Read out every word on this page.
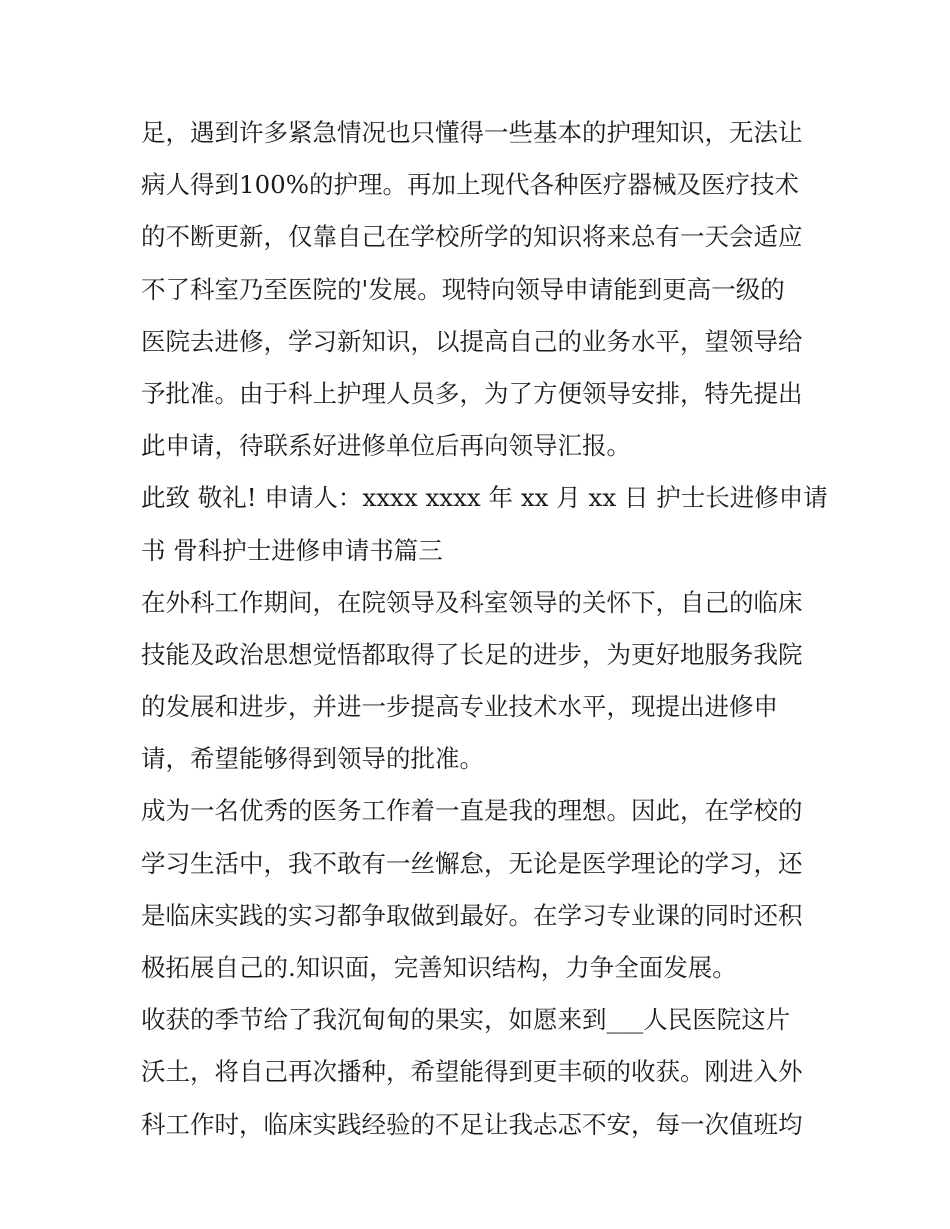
足，遇到许多紧急情况也只懂得一些基本的护理知识，无法让
病人得到100%的护理。再加上现代各种医疗器械及医疗技术
的不断更新，仅靠自己在学校所学的知识将来总有一天会适应
不了科室乃至医院的'发展。现特向领导申请能到更高一级的
医院去进修，学习新知识，以提高自己的业务水平，望领导给
予批准。由于科上护理人员多，为了方便领导安排，特先提出
此申请，待联系好进修单位后再向领导汇报。
此致 敬礼! 申请人：xxxx xxxx 年 xx 月 xx 日 护士长进修申请
书 骨科护士进修申请书篇三
在外科工作期间，在院领导及科室领导的关怀下，自己的临床
技能及政治思想觉悟都取得了长足的进步，为更好地服务我院
的发展和进步，并进一步提高专业技术水平，现提出进修申
请，希望能够得到领导的批准。
成为一名优秀的医务工作着一直是我的理想。因此，在学校的
学习生活中，我不敢有一丝懈怠，无论是医学理论的学习，还
是临床实践的实习都争取做到最好。在学习专业课的同时还积
极拓展自己的.知识面，完善知识结构，力争全面发展。
收获的季节给了我沉甸甸的果实，如愿来到___人民医院这片
沃土，将自己再次播种，希望能得到更丰硕的收获。刚进入外
科工作时，临床实践经验的不足让我忐忑不安，每一次值班均
